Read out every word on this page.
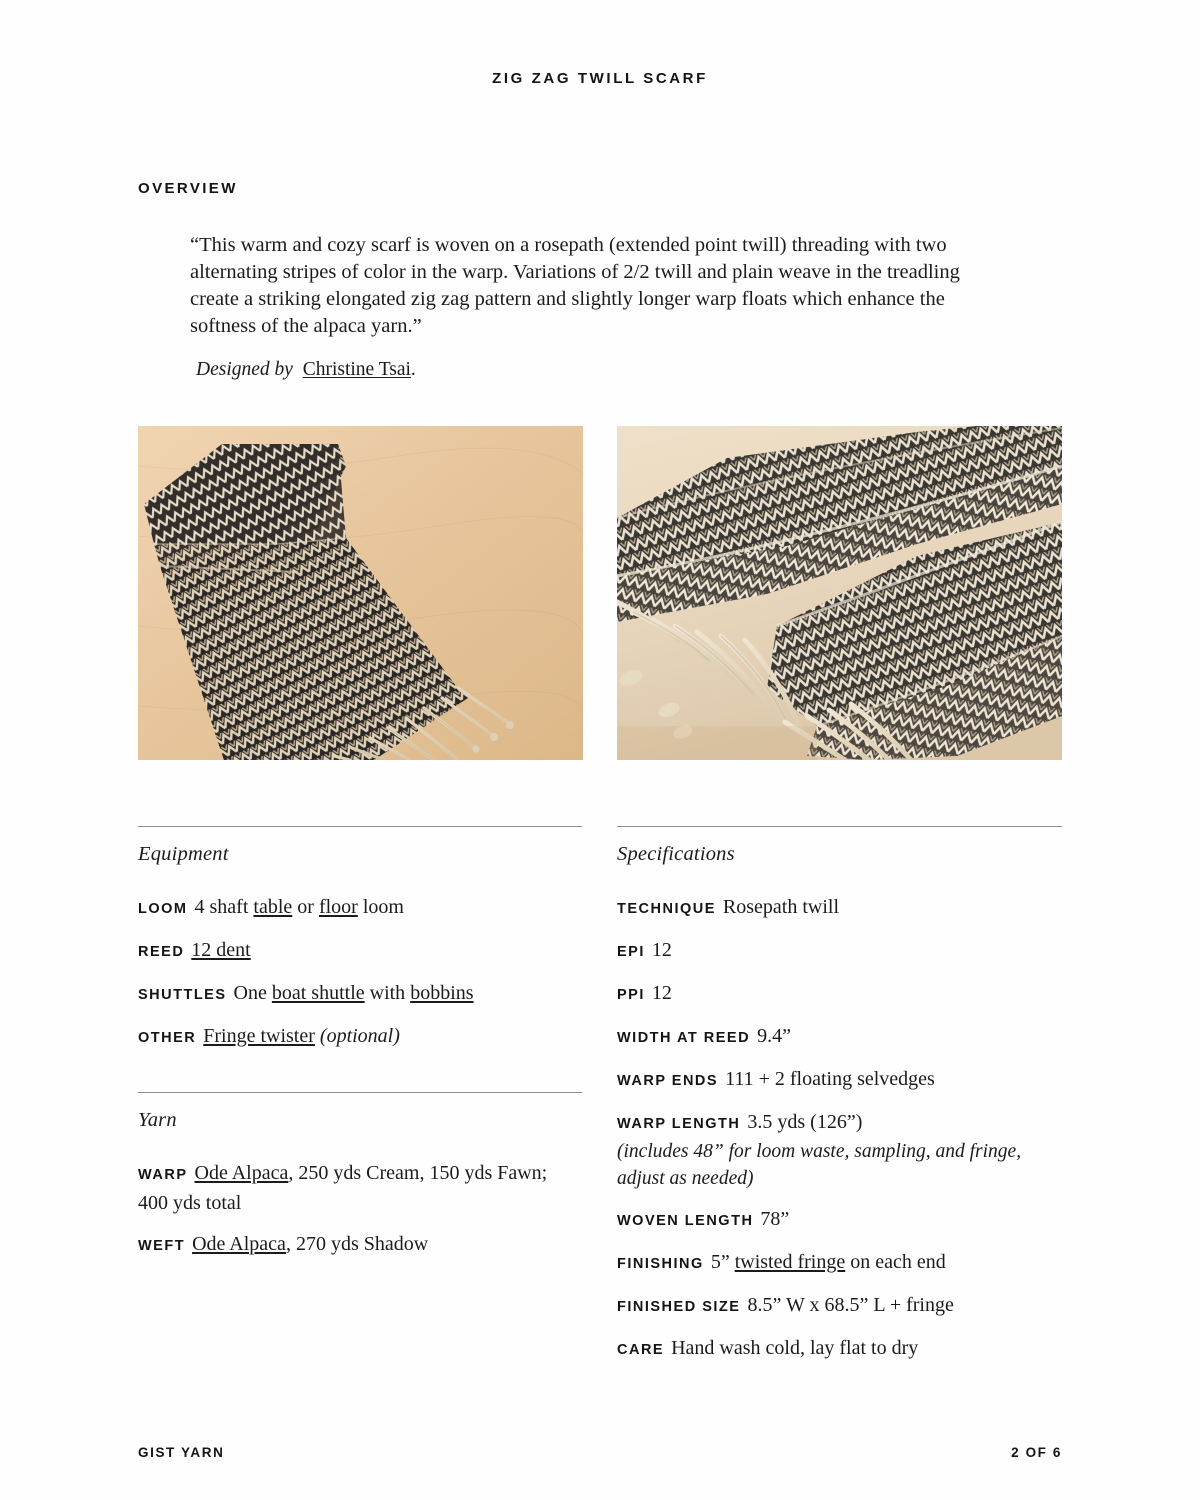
ZIG ZAG TWILL SCARF
OVERVIEW
“This warm and cozy scarf is woven on a rosepath (extended point twill) threading with two alternating stripes of color in the warp. Variations of 2/2 twill and plain weave in the treadling create a striking elongated zig zag pattern and slightly longer warp floats which enhance the softness of the alpaca yarn.”
Designed by Christine Tsai.
Equipment
LOOM 4 shaft table or floor loom
REED 12 dent
SHUTTLES One boat shuttle with bobbins
OTHER Fringe twister (optional)
Yarn
WARP Ode Alpaca, 250 yds Cream, 150 yds Fawn; 400 yds total
WEFT Ode Alpaca, 270 yds Shadow
Specifications
TECHNIQUE Rosepath twill
EPI 12
PPI 12
WIDTH AT REED 9.4”
WARP ENDS 111 + 2 floating selvedges
WARP LENGTH 3.5 yds (126”)
(includes 48” for loom waste, sampling, and fringe, adjust as needed)
WOVEN LENGTH 78”
FINISHING 5” twisted fringe on each end
FINISHED SIZE 8.5” W x 68.5” L + fringe
CARE Hand wash cold, lay flat to dry
GIST YARN	2 OF 6
